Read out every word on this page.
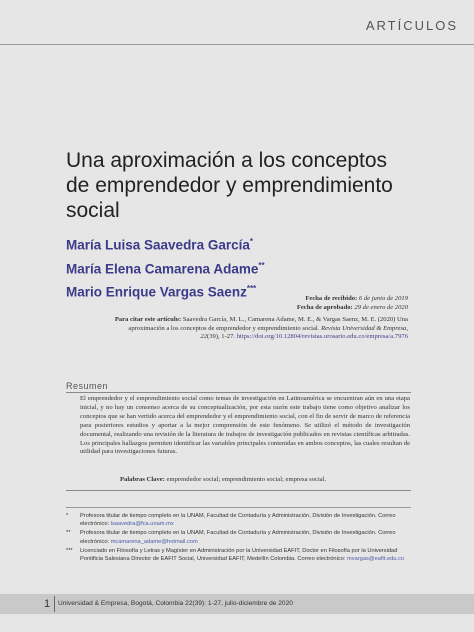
ARTÍCULOS
Una aproximación a los conceptos de emprendedor y emprendimiento social
María Luisa Saavedra García*
María Elena Camarena Adame**
Mario Enrique Vargas Saenz***
Fecha de recibido: 6 de junio de 2019
Fecha de aprobado: 29 de enero de 2020
Para citar este artículo: Saavedra García, M. L., Camarena Adame, M. E., & Vargas Saenz, M. E. (2020) Una aproximación a los conceptos de emprendedor y emprendimiento social. Revista Universidad & Empresa, 22(39), 1-27. https://doi.org/10.12804/revistas.urosario.edu.co/empresa/a.7976
Resumen

El emprendedor y el emprendimiento social como temas de investigación en Latinoamérica se encuentran aún en una etapa inicial, y no hay un consenso acerca de su conceptualización, por esta razón este trabajo tiene como objetivo analizar los conceptos que se han vertido acerca del emprendedor y el emprendimiento social, con el fin de servir de marco de referencia para posteriores estudios y aportar a la mejor comprensión de este fenómeno. Se utilizó el método de investigación documental, realizando una revisión de la literatura de trabajos de investigación publicados en revistas científicas arbitradas. Los principales hallazgos permiten identificar las variables principales contenidas en ambos conceptos, las cuales resultan de utilidad para investigaciones futuras.

Palabras Clave: emprendedor social; emprendimiento social; empresa social.
*	Profesora titular de tiempo completo en la UNAM, Facultad de Contaduría y Administración, División de Investigación. Correo electrónico: lsaavedra@fca.unam.mx
**	Profesora titular de tiempo completo en la UNAM, Facultad de Contaduría y Administración, División de Investigación. Correo electrónico: mcamarena_adame@hotmail.com
***	Licenciado en Filosofía y Letras y Magíster en Administración por la Universidad EAFIT, Doctor en Filosofía por la Universidad Pontificia Salesiana Director de EAFIT Social, Universidad EAFIT, Medellín Colombia. Correo electrónico: mvargas@eafit.edu.co
1 Universidad & Empresa, Bogotá, Colombia 22(39): 1-27, julio-diciembre de 2020
